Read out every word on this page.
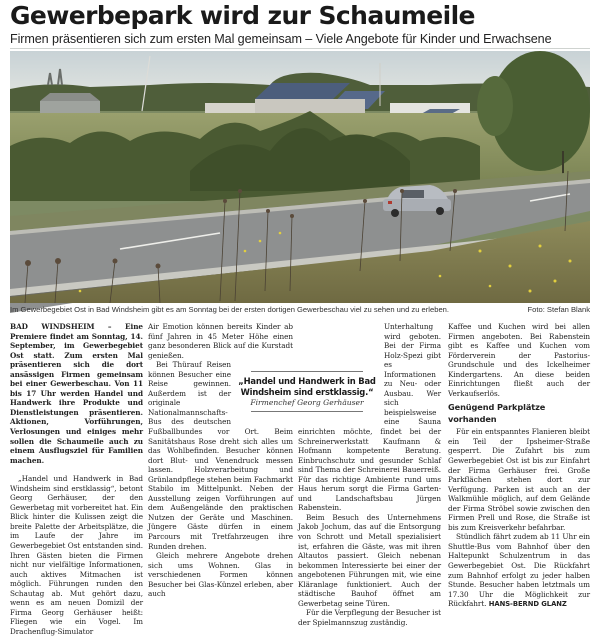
Gewerbepark wird zur Schaumeile
Firmen präsentieren sich zum ersten Mal gemeinsam – Viele Angebote für Kinder und Erwachsene
Im Gewerbegebiet Ost in Bad Windsheim gibt es am Sonntag bei der ersten dortigen Gewerbeschau viel zu sehen und zu erleben.	Foto: Stefan Blank

BAD WINDSHEIM – Eine Premiere findet am Sonntag, 14. September, im Gewerbegebiet Ost statt. Zum ersten Mal präsentieren sich die dort ansässigen Firmen gemeinsam bei einer Gewerbeschau. Von 11 bis 17 Uhr werden Handel und Handwerk ihre Produkte und Dienstleistungen präsentieren. Aktionen, Vorführungen, Verlosungen und einiges mehr sollen die Schaumeile auch zu einem Ausflugsziel für Familien machen.

„Handel und Handwerk in Bad Windsheim sind erstklassig“, betont Georg Gerhäuser, der den Gewerbetag mit vorbereitet hat. Ein Blick hinter die Kulissen zeigt die breite Palette der Arbeitsplätze, die im Laufe der Jahre im Gewerbegebiet Ost entstanden sind. Ihren Gästen bieten die Firmen nicht nur vielfältige Informationen, auch aktives Mitmachen ist möglich. Führungen runden den Schautag ab. Mut gehört dazu, wenn es am neuen Domizil der Firma Georg Gerhäuser heißt: Fliegen wie ein Vogel. Im Drachenflug-Simulator

Air Emotion können bereits Kinder ab fünf Jahren in 45 Meter Höhe einen ganz besonderen Blick auf die Kurstadt genießen.

Bei Thürauf Reisen können Besucher eine Reise gewinnen. Außerdem ist der originale Nationalmannschafts-Bus des deutschen Fußballbundes vor Ort. Beim Sanitätshaus Rose dreht sich alles um das Wohlbefinden. Besucher können dort Blut- und Venendruck messen lassen. Holzverarbeitung und Grünlandpflege stehen beim Fachmarkt Stabilo im Mittelpunkt. Neben der Ausstellung zeigen Vorführungen auf dem Außengelände den praktischen Nutzen der Geräte und Maschinen. Jüngere Gäste dürfen in einem Parcours mit Tretfahrzeugen ihre Runden drehen.

Gleich mehrere Angebote drehen sich ums Wohnen. Glas in verschiedenen Formen können Besucher bei Glas-Künzel erleben, aber auch

Unterhaltung wird geboten. Bei der Firma Holz-Spezi gibt es Informationen zu Neu- oder Ausbau. Wer sich beispielsweise eine Sauna einrichten möchte, findet bei der Schreinerwerkstatt Kaufmann & Hofmann kompetente Beratung. Einbruchschutz und gesunder Schlaf sind Thema der Schreinerei Bauerreiß. Für das richtige Ambiente rund ums Haus herum sorgt die Firma Garten- und Landschaftsbau Jürgen Rabenstein.

Beim Besuch des Unternehmens Jakob Jochum, das auf die Entsorgung von Schrott und Metall spezialisiert ist, erfahren die Gäste, was mit ihren Altautos passiert. Gleich nebenan bekommen Interessierte bei einer der angebotenen Führungen mit, wie eine Kläranlage funktioniert. Auch der städtische Bauhof öffnet am Gewerbetag seine Türen.

Für die Verpflegung der Besucher ist der Spielmannszug zuständig.

Kaffee und Kuchen wird bei allen Firmen angeboten. Bei Rabenstein gibt es Kaffee und Kuchen vom Förderverein der Pastorius-Grundschule und des Ickelheimer Kindergartens. An diese beiden Einrichtungen fließt auch der Verkaufserlös.

Genügend Parkplätze vorhanden

Für ein entspanntes Flanieren bleibt ein Teil der Ipsheimer-Straße gesperrt. Die Zufahrt bis zum Gewerbegebiet Ost ist bis zur Einfahrt der Firma Gerhäuser frei. Große Parkflächen stehen dort zur Verfügung. Parken ist auch an der Walkmühle möglich, auf dem Gelände der Firma Ströbel sowie zwischen den Firmen Prell und Rose, die Straße ist bis zum Kreisverkehr befahrbar.

Stündlich fährt zudem ab 11 Uhr ein Shuttle-Bus vom Bahnhof über den Haltepunkt Schulzentrum in das Gewerbegebiet Ost. Die Rückfahrt zum Bahnhof erfolgt zu jeder halben Stunde. Besucher haben letztmals um 17.30 Uhr die Möglichkeit zur Rückfahrt. HANS-BERND GLANZ

„Handel und Handwerk in Bad Windsheim sind erstklassig.“
Firmenchef Georg Gerhäuser
